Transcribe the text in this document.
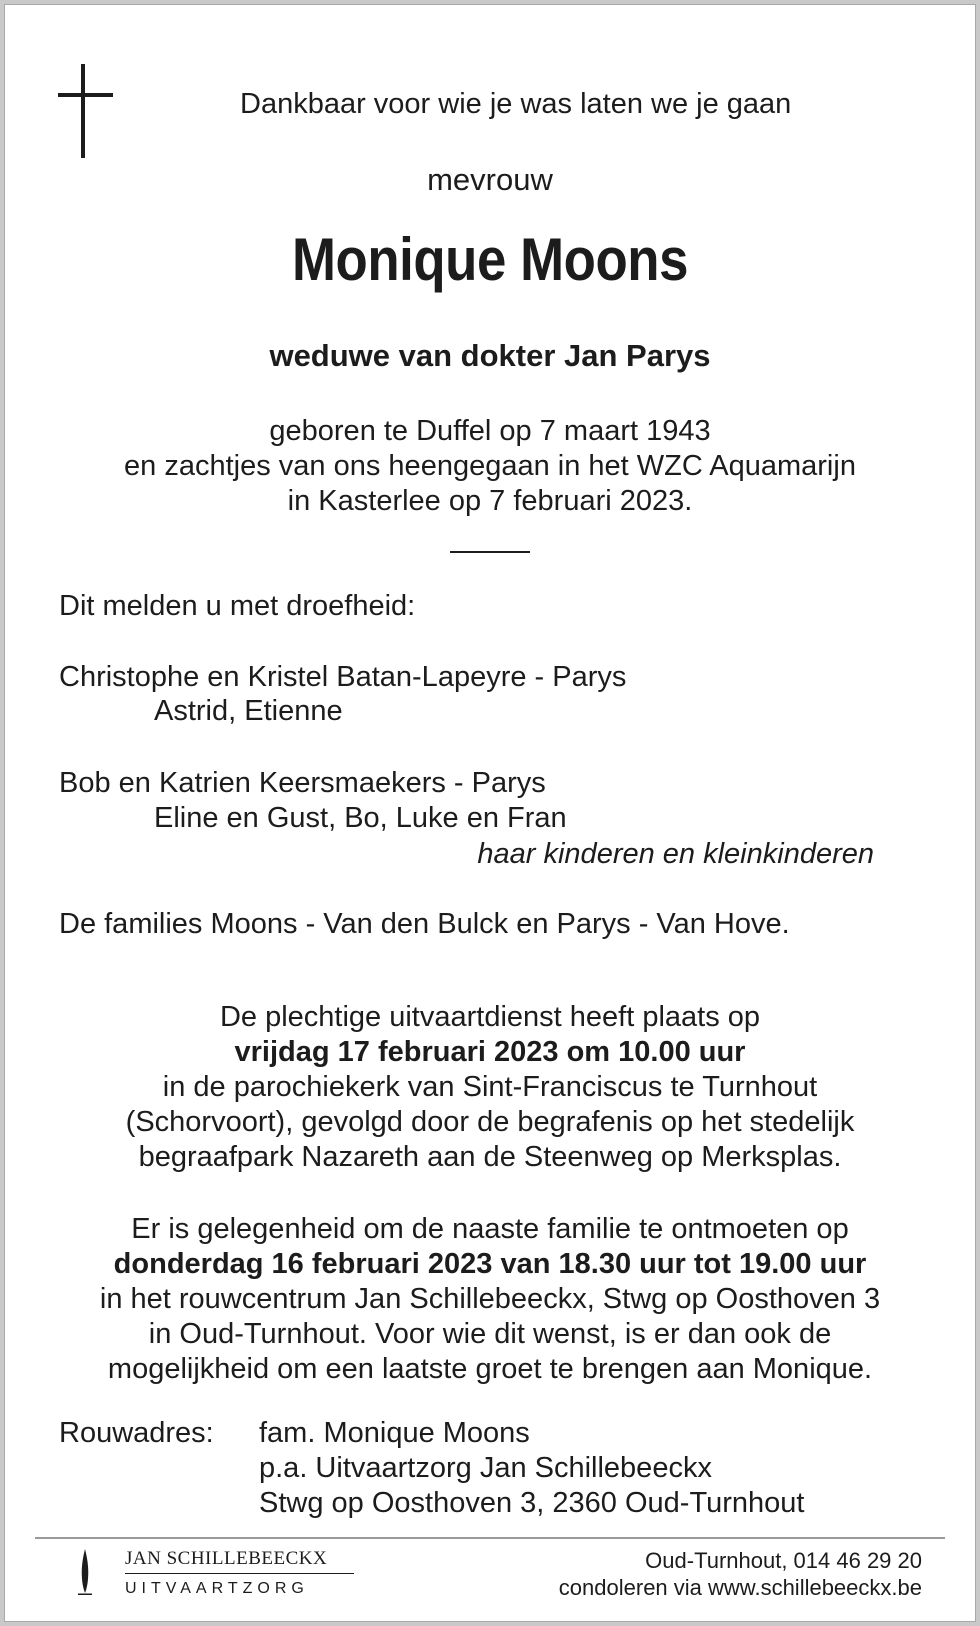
Dankbaar voor wie je was laten we je gaan
mevrouw
Monique Moons
weduwe van dokter Jan Parys
geboren te Duffel op 7 maart 1943
en zachtjes van ons heengegaan in het WZC Aquamarijn
in Kasterlee op 7 februari 2023.
Dit melden u met droefheid:
Christophe en Kristel Batan-Lapeyre - Parys
Astrid, Etienne
Bob en Katrien Keersmaekers - Parys
Eline en Gust, Bo, Luke en Fran
haar kinderen en kleinkinderen
De families Moons - Van den Bulck en Parys - Van Hove.
De plechtige uitvaartdienst heeft plaats op
vrijdag 17 februari 2023 om 10.00 uur
in de parochiekerk van Sint-Franciscus te Turnhout
(Schorvoort), gevolgd door de begrafenis op het stedelijk
begraafpark Nazareth aan de Steenweg op Merksplas.
Er is gelegenheid om de naaste familie te ontmoeten op
donderdag 16 februari 2023 van 18.30 uur tot 19.00 uur
in het rouwcentrum Jan Schillebeeckx, Stwg op Oosthoven 3
in Oud-Turnhout. Voor wie dit wenst, is er dan ook de
mogelijkheid om een laatste groet te brengen aan Monique.
Rouwadres: fam. Monique Moons
p.a. Uitvaartzorg Jan Schillebeeckx
Stwg op Oosthoven 3, 2360 Oud-Turnhout
JAN SCHILLEBEECKX
UITVAARTZORG
Oud-Turnhout, 014 46 29 20
condoleren via www.schillebeeckx.be
